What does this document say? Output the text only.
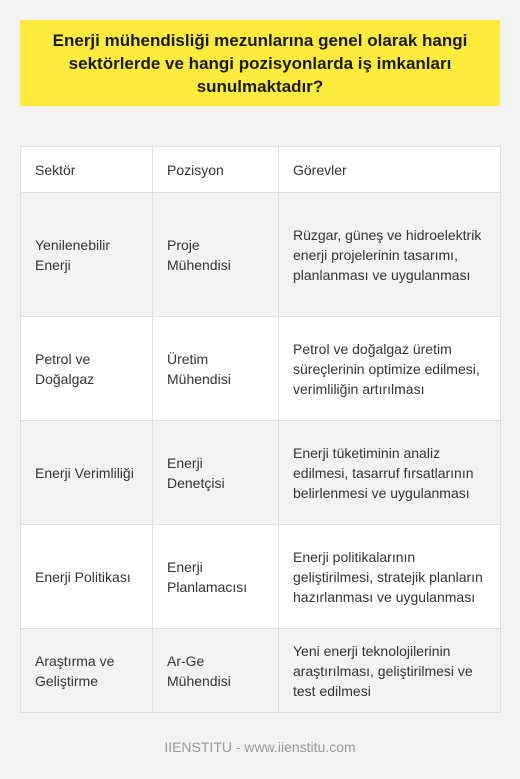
Enerji mühendisliği mezunlarına genel olarak hangi sektörlerde ve hangi pozisyonlarda iş imkanları sunulmaktadır?

Sektör	Pozisyon	Görevler
Yenilenebilir Enerji	Proje Mühendisi	Rüzgar, güneş ve hidroelektrik enerji projelerinin tasarımı, planlanması ve uygulanması
Petrol ve Doğalgaz	Üretim Mühendisi	Petrol ve doğalgaz üretim süreçlerinin optimize edilmesi, verimliliğin artırılması
Enerji Verimliliği	Enerji Denetçisi	Enerji tüketiminin analiz edilmesi, tasarruf fırsatlarının belirlenmesi ve uygulanması
Enerji Politikası	Enerji Planlamacısı	Enerji politikalarının geliştirilmesi, stratejik planların hazırlanması ve uygulanması
Araştırma ve Geliştirme	Ar-Ge Mühendisi	Yeni enerji teknolojilerinin araştırılması, geliştirilmesi ve test edilmesi
IIENSTITU - www.iienstitu.com
